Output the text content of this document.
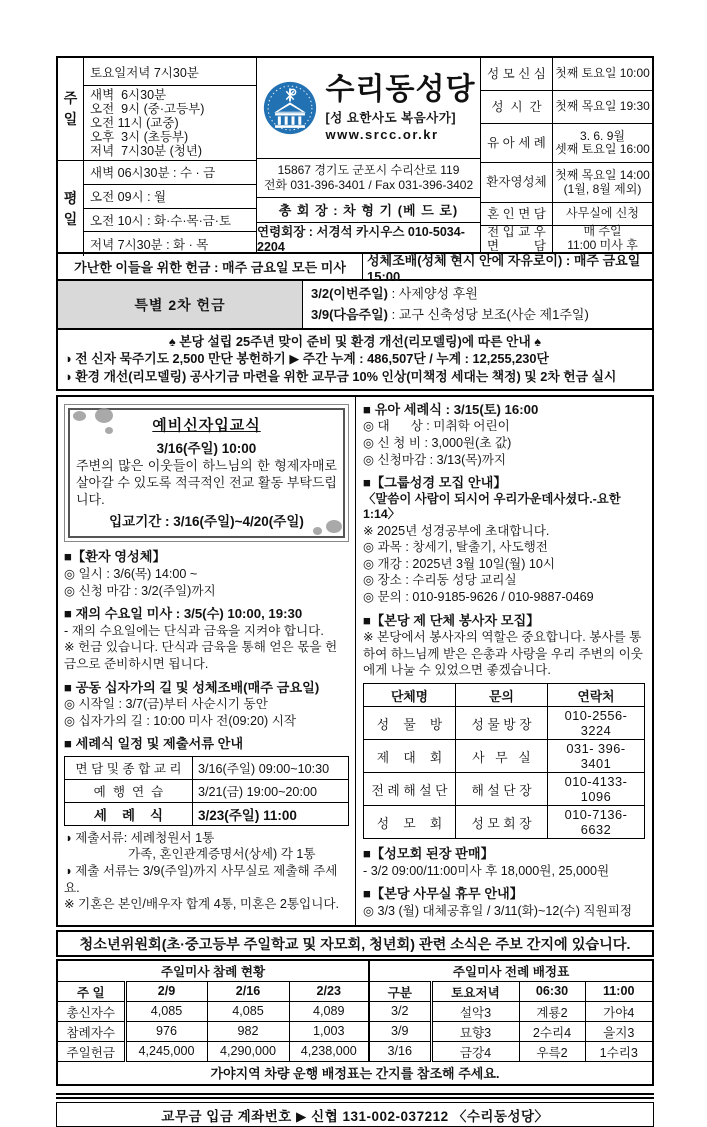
주일
토요일저녁 7시30분
새벽  6시30분
오전  9시 (중·고등부)
오전 11시 (교중)
오후  3시 (초등부)
저녁  7시30분 (청년)
평일
새벽 06시30분 : 수 · 금
오전 09시 : 월
오전 10시 : 화·수·목·금·토
저녁 7시30분 : 화 · 목
수리동성당
[성 요한사도 복음사가]
www.srcc.or.kr
15867 경기도 군포시 수리산로 119
전화 031-396-3401 / Fax 031-396-3402
총 회 장 : 차 형 기 (베 드 로)
연령회장 : 서경석 카시우스 010-5034-2204
성 모 신 심 첫째 토요일 10:00
성  시  간	첫째 목요일 19:30
유 아 세 례
3. 6. 9월
셋째 토요일 16:00
환자영성체
첫째 목요일 14:00
(1월, 8월 제외)
혼 인 면 담	사무실에 신청
전 입 교 우
면          담
매 주일
11:00 미사 후
가난한 이들을 위한 헌금 : 매주 금요일 모든 미사	성체조배(성체 현시 안에 자유로이) : 매주 금요일 15:00
특별 2차 헌금
3/2(이번주일) : 사제양성 후원
3/9(다음주일) : 교구 신축성당 보조(사순 제1주일)
♠ 본당 설립 25주년 맞이 준비 및 환경 개선(리모델링)에 따른 안내 ♠
◑ 전 신자 묵주기도 2,500 만단 봉헌하기 ▶ 주간 누계 : 486,507단 / 누계 : 12,255,230단
◑ 환경 개선(리모델링) 공사기금 마련을 위한 교무금 10% 인상(미책정 세대는 책정) 및 2차 헌금 실시
예비신자입교식
3/16(주일) 10:00
주변의 많은 이웃들이 하느님의 한 형제자매로 살아갈 수 있도록 적극적인 전교 활동 부탁드립니다.
입교기간 : 3/16(주일)~4/20(주일)
■【환자 영성체】
◎ 일시 : 3/6(목) 14:00 ~
◎ 신청 마감 : 3/2(주일)까지
■ 재의 수요일 미사 : 3/5(수) 10:00, 19:30
- 재의 수요일에는 단식과 금육을 지켜야 합니다.
※ 헌금 있습니다. 단식과 금육을 통해 얻은 몫을 헌금으로 준비하시면 됩니다.
■ 공동 십자가의 길 및 성체조배(매주 금요일)
◎ 시작일 : 3/7(금)부터 사순시기 동안
◎ 십자가의 길 : 10:00 미사 전(09:20) 시작
■ 세례식 일정 및 제출서류 안내
면 담 및 종 합 교 리	3/16(주일) 09:00~10:30
예  행  연  습	3/21(금) 19:00~20:00
세    례    식	3/23(주일) 11:00
◑ 제출서류: 세례청원서 1통
가족, 혼인관계증명서(상세) 각 1통
◑ 제출 서류는 3/9(주일)까지 사무실로 제출해 주세요.
※ 기혼은 본인/배우자 합계 4통, 미혼은 2통입니다.
■ 유아 세례식 : 3/15(토) 16:00
◎ 대      상 : 미취학 어린이
◎ 신 청 비 : 3,000원(초 값)
◎ 신청마감 : 3/13(목)까지
■【그룹성경 모집 안내】
〈말씀이 사람이 되시어 우리가운데사셨다.-요한1:14〉
※ 2025년 성경공부에 초대합니다.
◎ 과목 : 창세기, 탈출기, 사도행전
◎ 개강 : 2025년 3월 10일(월) 10시
◎ 장소 : 수리동 성당 교리실
◎ 문의 : 010-9185-9626 / 010-9887-0469
■【본당 제 단체 봉사자 모집】
※ 본당에서 봉사자의 역할은 중요합니다. 봉사를 통하여 하느님께 받은 은총과 사랑을 우리 주변의 이웃에게 나눌 수 있었으면 좋겠습니다.
단체명	문의	연락처
성    물    방	성 물 방 장	010-2556-3224
제    대    회	사   무   실	031- 396-3401
전 례 해 설 단	해 설 단 장	010-4133-1096
성    모    회	성 모 회 장	010-7136-6632
■【성모회 된장 판매】
- 3/2 09:00/11:00미사 후 18,000원, 25,000원
■【본당 사무실 휴무 안내】
◎ 3/3 (월) 대체공휴일 / 3/11(화)~12(수) 직원피정
청소년위원회(초·중고등부 주일학교 및 자모회, 청년회) 관련 소식은 주보 간지에 있습니다.
주일미사 참례 현황				주일미사 전례 배정표			
주 일	2/9	2/16	2/23	구분	토요저녁	06:30	11:00
총신자수	4,085	4,085	4,089	3/2	설악3	계룡2	가야4
참례자수	976	982	1,003	3/9	묘향3	2수리4	을지3
주일헌금	4,245,000	4,290,000	4,238,000	3/16	금강4	우륵2	1수리3
가야지역 차량 운행 배정표는 간지를 참조해 주세요.							
교무금 입금 계좌번호 ▶ 신협 131-002-037212 〈수리동성당〉
